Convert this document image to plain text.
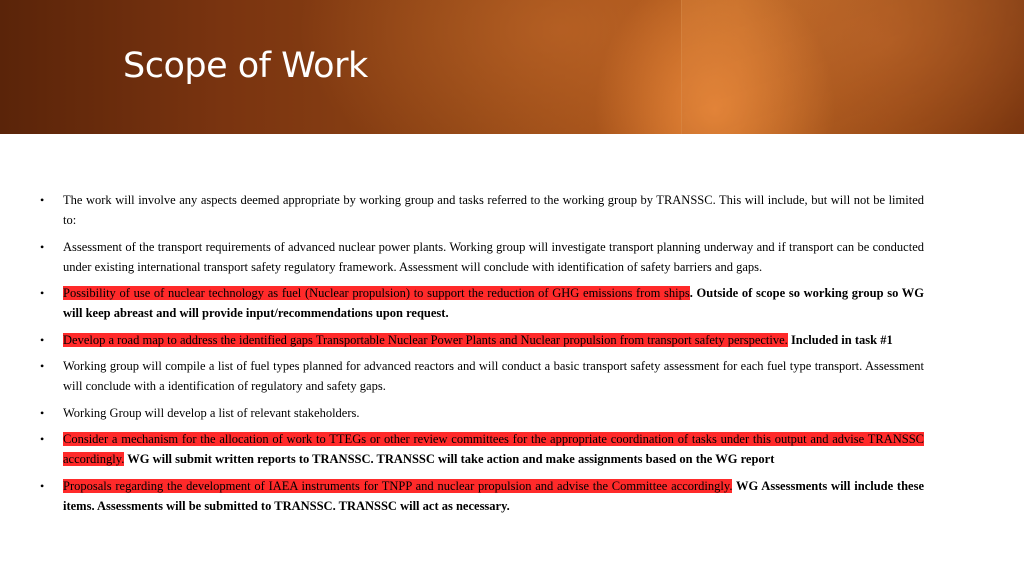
Scope of Work
•	The work will involve any aspects deemed appropriate by working group and tasks referred to the working group by TRANSSC. This will include, but will not be limited to:
•	Assessment of the transport requirements of advanced nuclear power plants. Working group will investigate transport planning underway and if transport can be conducted under existing international transport safety regulatory framework. Assessment will conclude with identification of safety barriers and gaps.
•	Possibility of use of nuclear technology as fuel (Nuclear propulsion) to support the reduction of GHG emissions from ships. Outside of scope so working group so WG will keep abreast and will provide input/recommendations upon request.
•	Develop a road map to address the identified gaps Transportable Nuclear Power Plants and Nuclear propulsion from transport safety perspective. Included in task #1
•	Working group will compile a list of fuel types planned for advanced reactors and will conduct a basic transport safety assessment for each fuel type transport. Assessment will conclude with a identification of regulatory and safety gaps.
•	Working Group will develop a list of relevant stakeholders.
•	Consider a mechanism for the allocation of work to TTEGs or other review committees for the appropriate coordination of tasks under this output and advise TRANSSC accordingly. WG will submit written reports to TRANSSC. TRANSSC will take action and make assignments based on the WG report
•	Proposals regarding the development of IAEA instruments for TNPP and nuclear propulsion and advise the Committee accordingly. WG Assessments will include these items. Assessments will be submitted to TRANSSC. TRANSSC will act as necessary.
